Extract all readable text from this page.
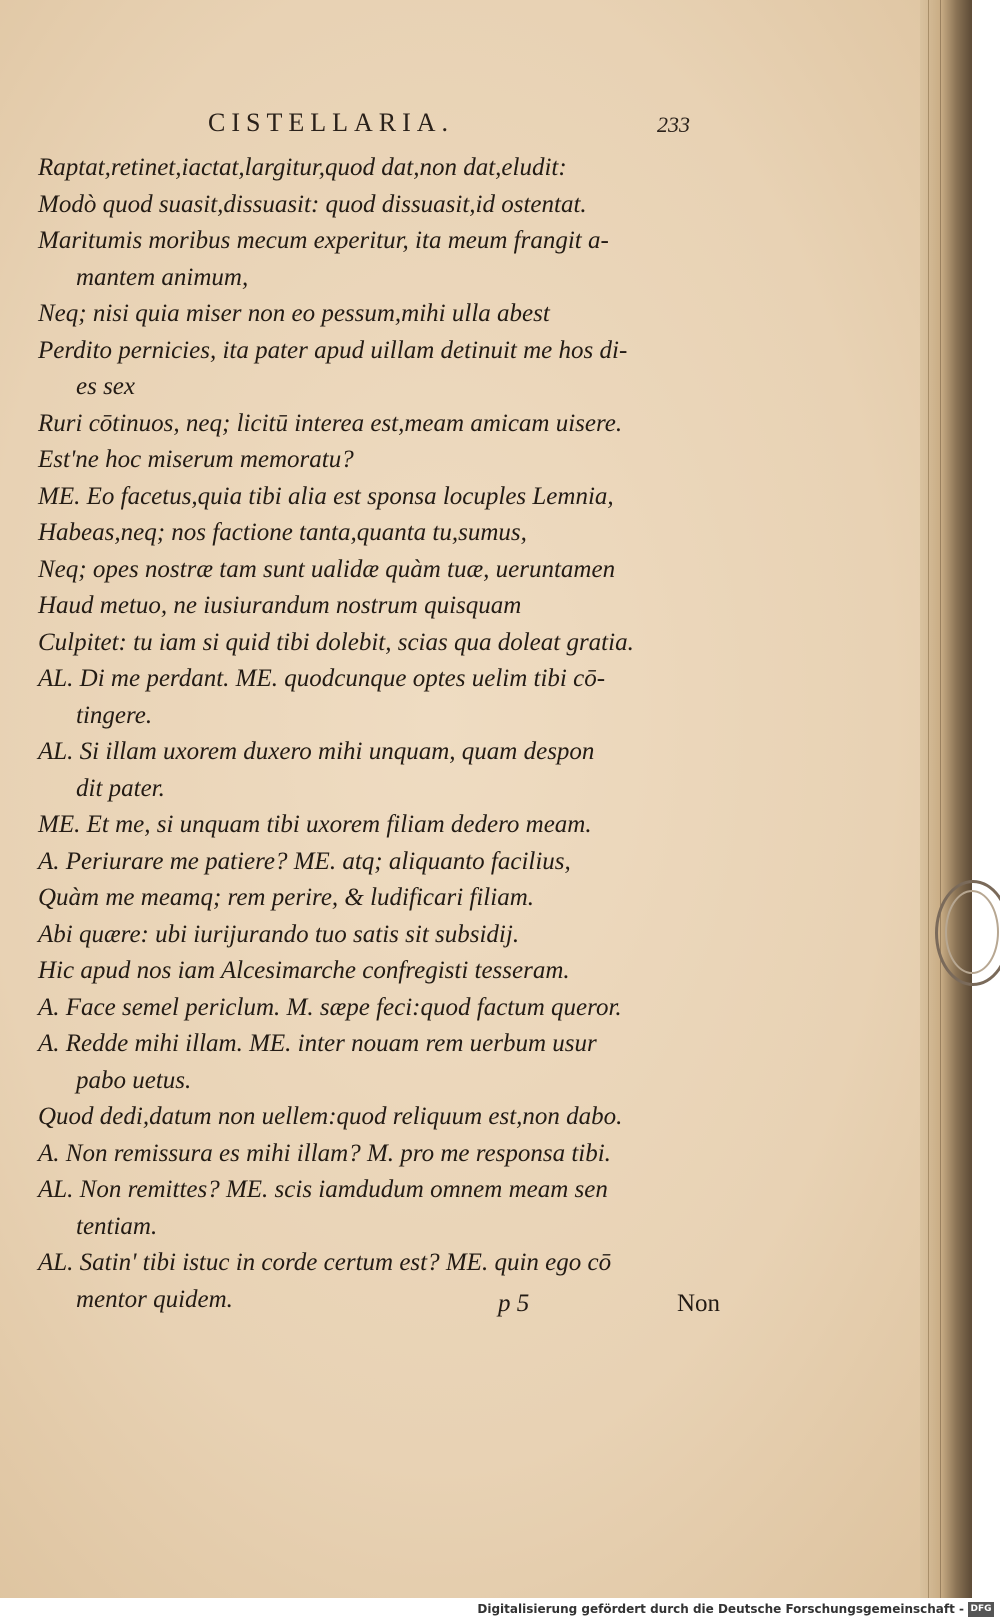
CISTELLARIA.	233
Raptat,retinet,iactat,largitur,quod dat,non dat,eludit:
Modò quod suasit,dissuasit: quod dissuasit,id ostentat.
Maritumis moribus mecum experitur, ita meum frangit a-
mantem animum,
Neq; nisi quia miser non eo pessum,mihi ulla abest
Perdito pernicies, ita pater apud uillam detinuit me hos di-
es sex
Ruri cōtinuos, neq; licitū interea est,meam amicam uisere.
Est'ne hoc miserum memoratu?
ME. Eo facetus,quia tibi alia est sponsa locuples Lemnia,
Habeas,neq; nos factione tanta,quanta tu,sumus,
Neq; opes nostræ tam sunt ualidæ quàm tuæ, ueruntamen
Haud metuo, ne iusiurandum nostrum quisquam
Culpitet: tu iam si quid tibi dolebit, scias qua doleat gratia.
AL. Di me perdant. ME. quodcunque optes uelim tibi cō-
tingere.
AL. Si illam uxorem duxero mihi unquam, quam despon
dit pater.
ME. Et me, si unquam tibi uxorem filiam dedero meam.
A. Periurare me patiere? ME. atq; aliquanto facilius,
Quàm me meamq; rem perire, & ludificari filiam.
Abi quære: ubi iurijurando tuo satis sit subsidij.
Hic apud nos iam Alcesimarche confregisti tesseram.
A. Face semel periclum. M. sæpe feci:quod factum queror.
A. Redde mihi illam. ME. inter nouam rem uerbum usur
pabo uetus.
Quod dedi,datum non uellem:quod reliquum est,non dabo.
A. Non remissura es mihi illam? M. pro me responsa tibi.
AL. Non remittes? ME. scis iamdudum omnem meam sen
tentiam.
AL. Satin' tibi istuc in corde certum est? ME. quin ego cō
mentor quidem.	p 5	Non
Digitalisierung gefördert durch die Deutsche Forschungsgemeinschaft - DFG
